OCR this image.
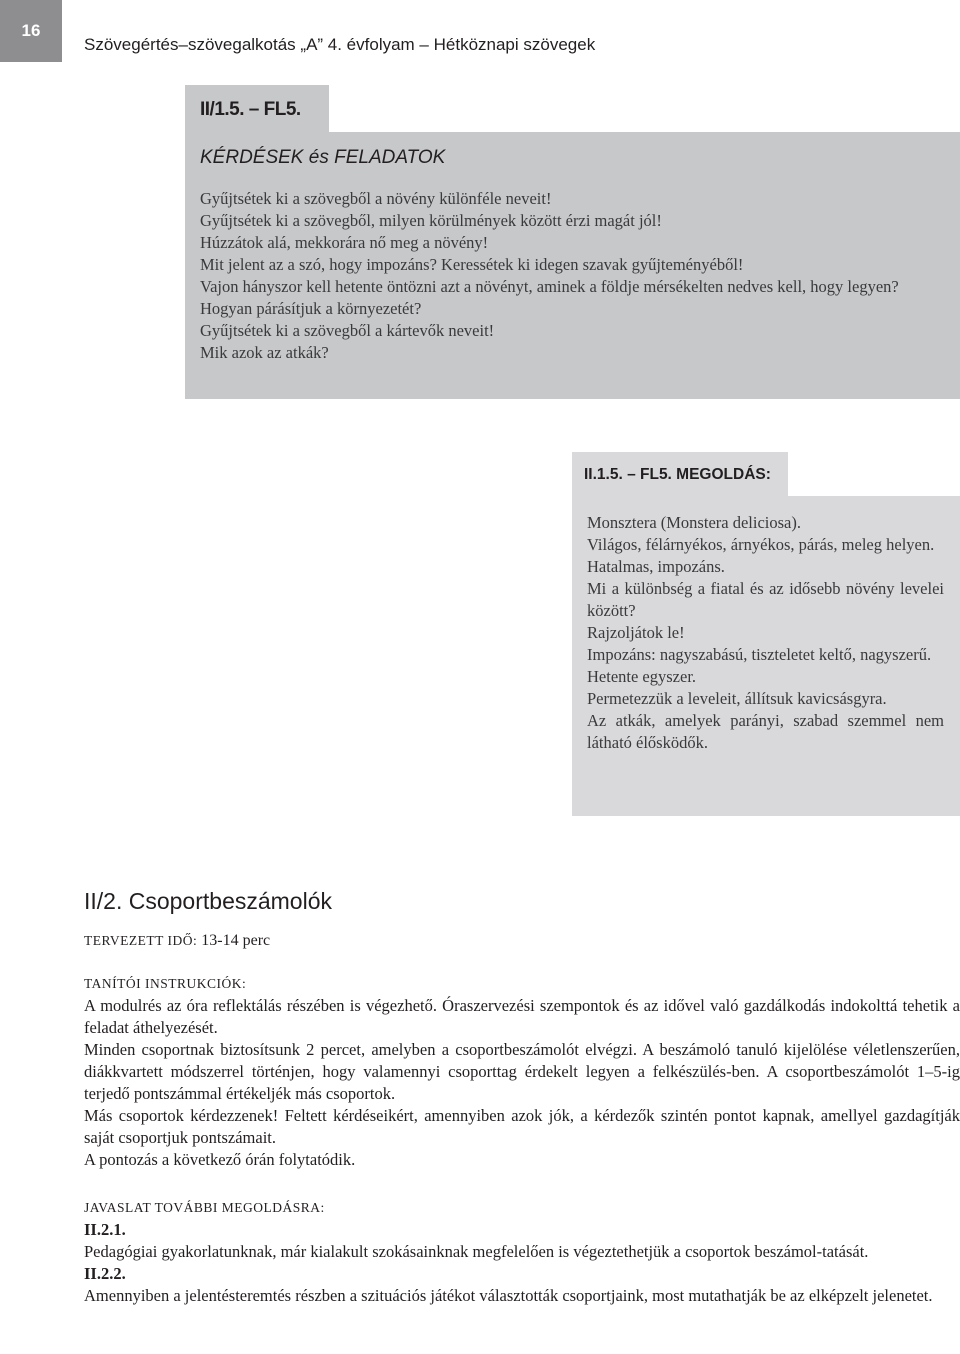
16
Szövegértés–szövegalkotás „A” 4. évfolyam – Hétköznapi szövegek
II/1.5. – FL5.
KÉRDÉSEK és FELADATOK
Gyűjtsétek ki a szövegből a növény különféle neveit!
Gyűjtsétek ki a szövegből, milyen körülmények között érzi magát jól!
Húzzátok alá, mekkorára nő meg a növény!
Mit jelent az a szó, hogy impozáns? Keressétek ki idegen szavak gyűjteményéből!
Vajon hányszor kell hetente öntözni azt a növényt, aminek a földje mérsékelten nedves kell, hogy legyen?
Hogyan párásítjuk a környezetét?
Gyűjtsétek ki a szövegből a kártevők neveit!
Mik azok az atkák?
II.1.5. – FL5. MEGOLDÁS:
Monsztera (Monstera deliciosa).
Világos, félárnyékos, árnyékos, párás, meleg helyen.
Hatalmas, impozáns.
Mi a különbség a fiatal és az idősebb növény levelei között?
Rajzoljátok le!
Impozáns: nagyszabású, tiszteletet keltő, nagyszerű.
Hetente egyszer.
Permetezzük a leveleit, állítsuk kavicsásgyra.
Az atkák, amelyek parányi, szabad szemmel nem látható élősködők.
II/2. Csoportbeszámolók
TERVEZETT IDŐ: 13-14 perc
TANÍTÓI INSTRUKCIÓK:

A modulrés az óra reflektálás részében is végezhető. Óraszervezési szempontok és az idővel való gazdálkodás indokolttá tehetik a feladat áthelyezését.

Minden csoportnak biztosítsunk 2 percet, amelyben a csoportbeszámolót elvégzi. A beszámoló tanuló kijelölése véletlenszerűen, diákkvartett módszerrel történjen, hogy valamennyi csoporttag érdekelt legyen a felkészülés-ben. A csoportbeszámolót 1–5-ig terjedő pontszámmal értékeljék más csoportok.

Más csoportok kérdezzenek! Feltett kérdéseikért, amennyiben azok jók, a kérdezők szintén pontot kapnak, amellyel gazdagítják saját csoportjuk pontszámait.

A pontozás a következő órán folytatódik.

JAVASLAT TOVÁBBI MEGOLDÁSRA:
II.2.1.

Pedagógiai gyakorlatunknak, már kialakult szokásainknak megfelelően is végeztethetjük a csoportok beszámol-tatását.

II.2.2.

Amennyiben a jelentésteremtés részben a szituációs játékot választották csoportjaink, most mutathatják be az elképzelt jelenetet.
